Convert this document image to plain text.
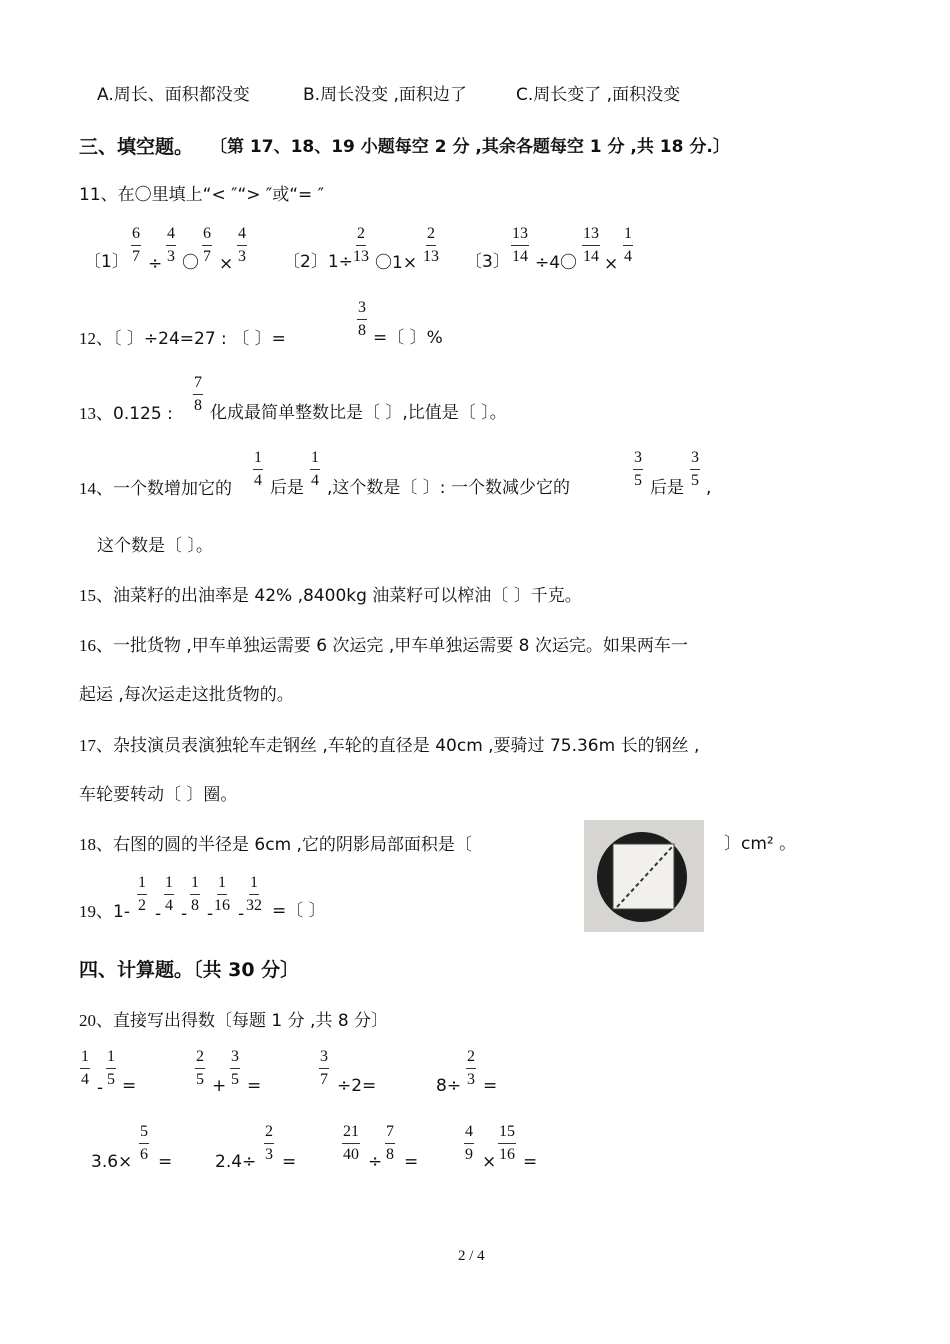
A.周长、面积都没变	B.周长没变 ,面积边了	C.周长变了 ,面积没变
三、填空题。 〔第 17、18、19 小题每空 2 分 ,其余各题每空 1 分 ,共 18 分.〕
11、在〇里填上“< ″“> ″或“= ″
〔1〕 $\frac{6}{7} \div \frac{4}{3}$ 〇 $\frac{6}{7} \times \frac{4}{3}$ 〔2〕$1\div \frac{2}{13}$ 〇$1\times \frac{2}{13}$ 〔3〕 $\frac{13}{14} \div 4$〇 $\frac{13}{14} \times \frac{1}{4}$
12、〔 〕÷24=27 : 〔 〕=	$\frac{3}{8}$ =〔 〕%
13、0.125 : $\frac{7}{8}$ 化成最简单整数比是〔 〕,比值是〔 〕。
14、一个数增加它的 $\frac{1}{4}$ 后是 $\frac{1}{4}$ ,这个数是〔 〕: 一个数减少它的	$\frac{3}{5}$ 后是 $\frac{3}{5}$ ,
这个数是〔 〕。
15、油菜籽的出油率是 42% ,8400kg 油菜籽可以榨油〔 〕千克。
16、一批货物 ,甲车单独运需要 6 次运完 ,甲车单独运需要 8 次运完。如果两车一
起运 ,每次运走这批货物的。
17、杂技演员表演独轮车走钢丝 ,车轮的直径是 40cm ,要骑过 75.36m 长的钢丝 ,
车轮要转动〔 〕圈。
18、右图的圆的半径是 6cm ,它的阴影局部面积是〔	〕cm² 。
19、$1- \frac{1}{2} - \frac{1}{4} - \frac{1}{8} - \frac{1}{16} - \frac{1}{32}$ =〔 〕
四、计算题。〔共 30 分〕
20、直接写出得数〔每题 1 分 ,共 8 分〕
$\frac{1}{4} - \frac{1}{5}$ =	$\frac{2}{5} + \frac{3}{5}$ =	$\frac{3}{7} \div 2=$	$8\div \frac{2}{3}$ =
$3.6\times \frac{5}{6}$ =	$2.4\div \frac{2}{3}$ =	$\frac{21}{40} \div \frac{7}{8}$ =	$\frac{4}{9} \times \frac{15}{16}$ =
2 / 4
